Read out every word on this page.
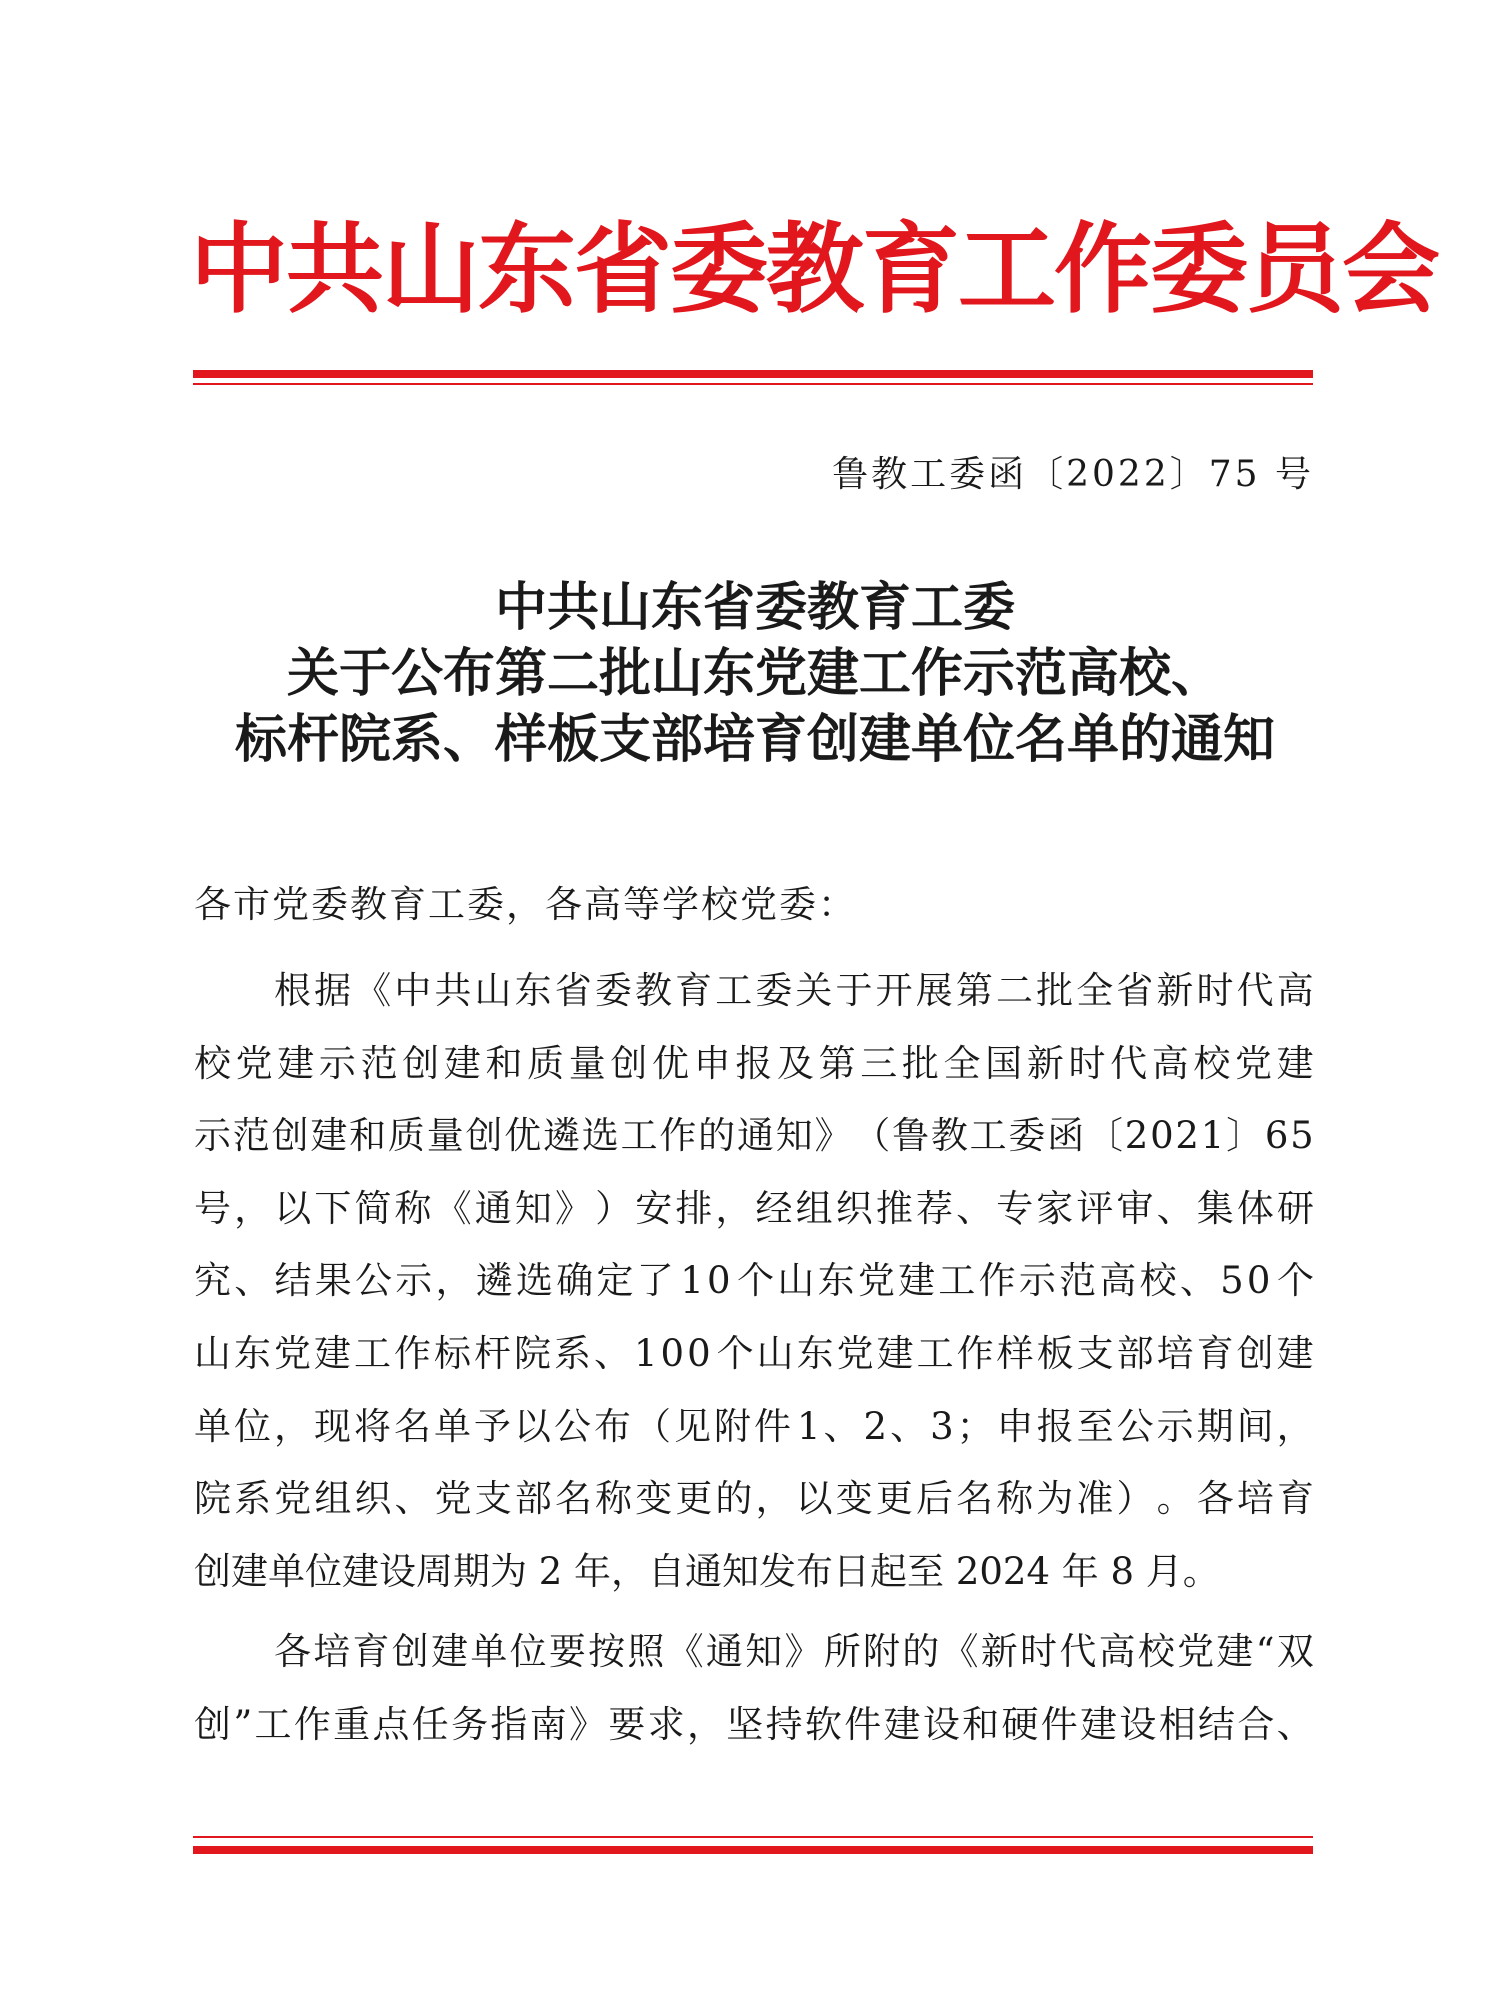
中共山东省委教育工作委员会
鲁教工委函〔2022〕75 号
中共山东省委教育工委
关于公布第二批山东党建工作示范高校、
标杆院系、样板支部培育创建单位名单的通知
各市党委教育工委，各高等学校党委：
根 据 《 中 共 山 东 省 委 教 育 工 委 关 于 开 展 第 二 批 全 省 新 时 代 高
校 党 建 示 范 创 建 和 质 量 创 优 申 报 及 第 三 批 全 国 新 时 代 高 校 党 建
示 范 创 建 和 质 量 创 优 遴 选 工 作 的 通 知 》 （ 鲁 教 工 委 函 〔 2 0 2 1 〕 6 5
号 ， 以 下 简 称 《 通 知 》 ） 安 排 ， 经 组 织 推 荐 、 专 家 评 审 、 集 体 研
究 、 结 果 公 示 ， 遴 选 确 定 了 1 0 个 山 东 党 建 工 作 示 范 高 校 、 5 0 个
山 东 党 建 工 作 标 杆 院 系 、 1 0 0 个 山 东 党 建 工 作 样 板 支 部 培 育 创 建
单 位 ， 现 将 名 单 予 以 公 布 （ 见 附 件 1 、 2 、 3 ； 申 报 至 公 示 期 间 ，
院 系 党 组 织 、 党 支 部 名 称 变 更 的 ， 以 变 更 后 名 称 为 准 ） 。 各 培 育
创建单位建设周期为 2 年，自通知发布日起至 2024 年 8 月。
各 培 育 创 建 单 位 要 按 照 《 通 知 》 所 附 的 《 新 时 代 高 校 党 建 “ 双
创 ” 工 作 重 点 任 务 指 南 》 要 求 ， 坚 持 软 件 建 设 和 硬 件 建 设 相 结 合 、
